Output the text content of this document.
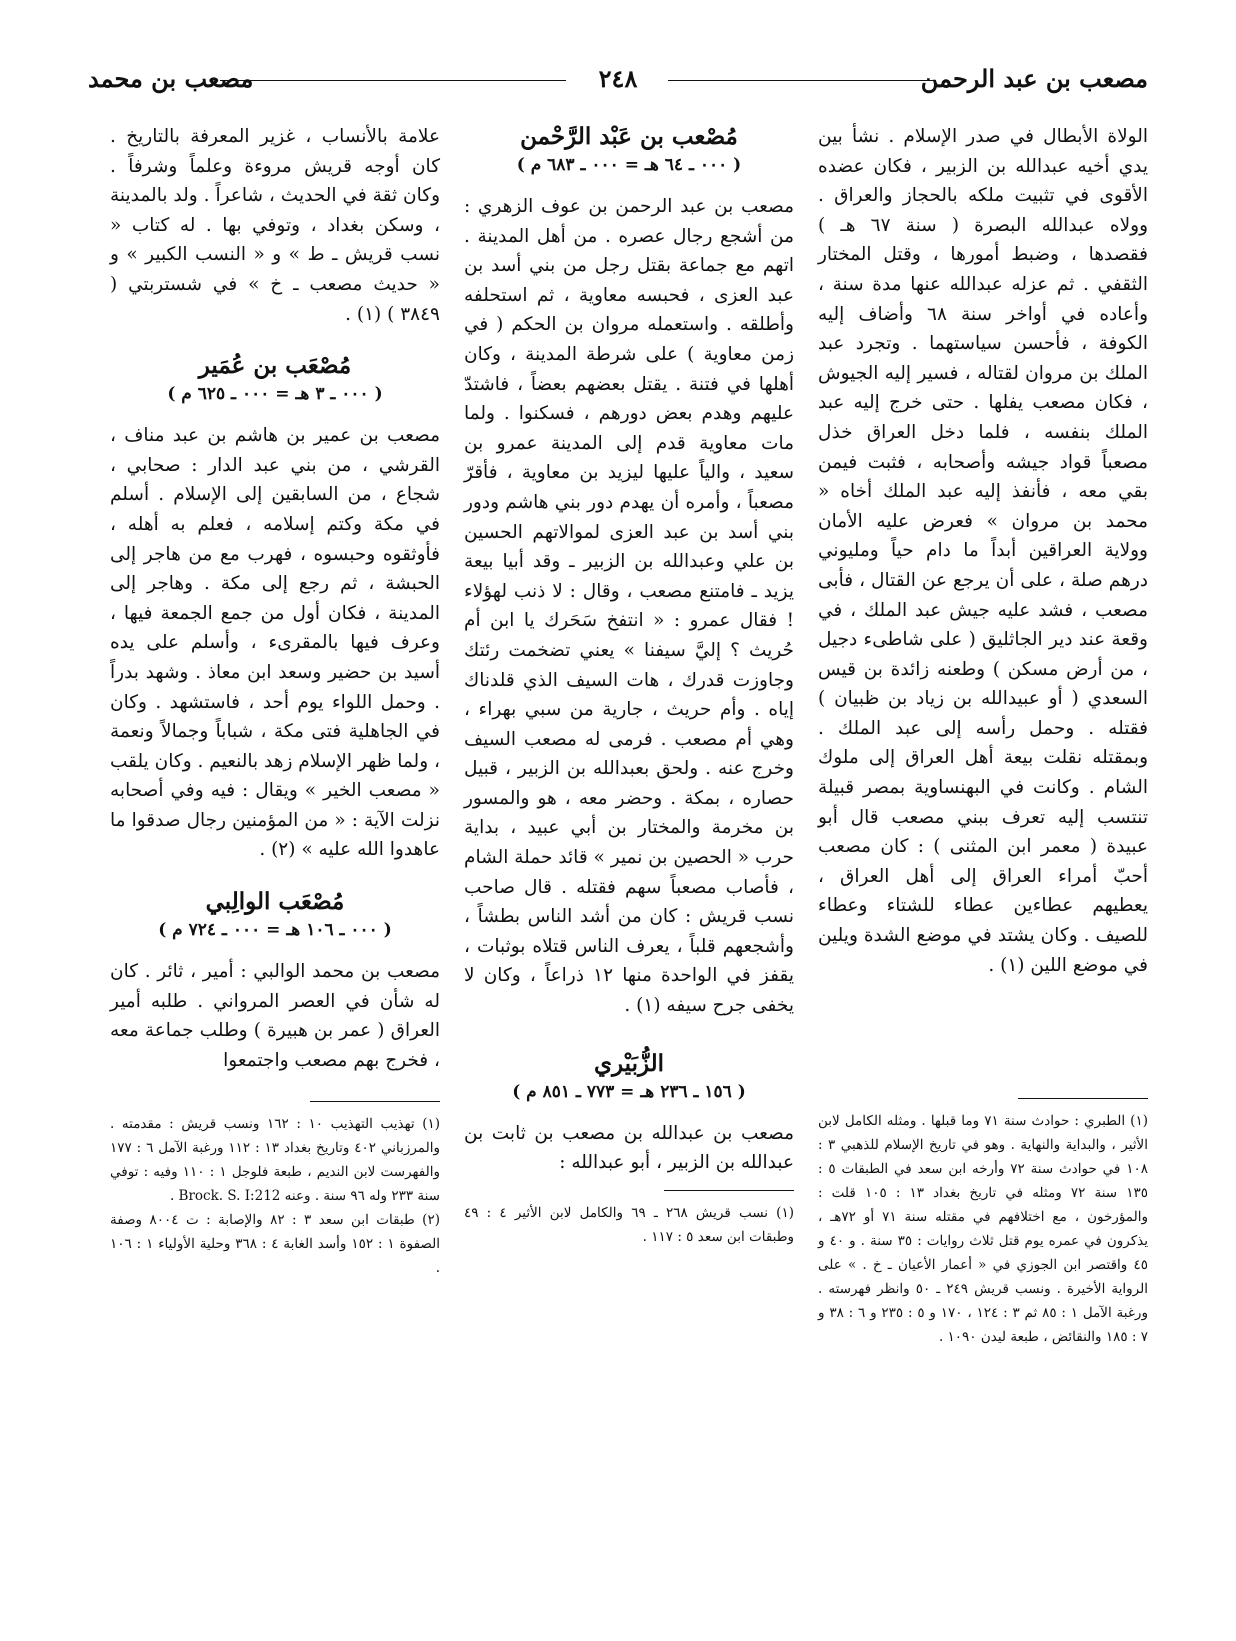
مصعب بن عبد الرحمن
٢٤٨
مصعب بن محمد

الولاة الأبطال في صدر الإسلام . نشأ بين يدي أخيه عبدالله بن الزبير ، فكان عضده الأقوى في تثبيت ملكه بالحجاز والعراق . وولاه عبدالله البصرة ( سنة ٦٧ هـ ) فقصدها ، وضبط أمورها ، وقتل المختار الثقفي . ثم عزله عبدالله عنها مدة سنة ، وأعاده في أواخر سنة ٦٨ وأضاف إليه الكوفة ، فأحسن سياستهما . وتجرد عبد الملك بن مروان لقتاله ، فسير إليه الجيوش ، فكان مصعب يفلها . حتى خرج إليه عبد الملك بنفسه ، فلما دخل العراق خذل مصعباً قواد جيشه وأصحابه ، فثبت فيمن بقي معه ، فأنفذ إليه عبد الملك أخاه « محمد بن مروان » فعرض عليه الأمان وولاية العراقين أبداً ما دام حياً ومليوني درهم صلة ، على أن يرجع عن القتال ، فأبى مصعب ، فشد عليه جيش عبد الملك ، في وقعة عند دير الجاثليق ( على شاطىء دجيل ، من أرض مسكن ) وطعنه زائدة بن قيس السعدي ( أو عبيدالله بن زياد بن ظبيان ) فقتله . وحمل رأسه إلى عبد الملك . وبمقتله نقلت بيعة أهل العراق إلى ملوك الشام . وكانت في البهنساوية بمصر قبيلة تنتسب إليه تعرف ببني مصعب قال أبو عبيدة ( معمر ابن المثنى ) : كان مصعب أحبّ أمراء العراق إلى أهل العراق ، يعطيهم عطاءين عطاء للشتاء وعطاء للصيف . وكان يشتد في موضع الشدة ويلين في موضع اللين (١) .

(١) الطبري : حوادث سنة ٧١ وما قبلها . ومثله الكامل لابن الأثير ، والبداية والنهاية . وهو في تاريخ الإسلام للذهبي ٣ : ١٠٨ في حوادث سنة ٧٢ وأرخه ابن سعد في الطبقات ٥ : ١٣٥ سنة ٧٢ ومثله في تاريخ بغداد ١٣ : ١٠٥ قلت : والمؤرخون ، مع اختلافهم في مقتله سنة ٧١ أو ٧٢هـ ، يذكرون في عمره يوم قتل ثلاث روايات : ٣٥ سنة . و ٤٠ و ٤٥ واقتصر ابن الجوزي في « أعمار الأعيان ـ خ . » على الرواية الأخيرة . ونسب قريش ٢٤٩ ـ ٥٠ وانظر فهرسته . ورغبة الآمل ١ : ٨٥ ثم ٣ : ١٢٤ ، ١٧٠ و ٥ : ٢٣٥ و ٦ : ٣٨ و ٧ : ١٨٥ والنقائض ، طبعة ليدن ١٠٩٠ .

مُصْعب بن عَبْد الرَّحْمن
( ٠٠٠ ـ ٦٤ هـ = ٠٠٠ ـ ٦٨٣ م )

مصعب بن عبد الرحمن بن عوف الزهري : من أشجع رجال عصره . من أهل المدينة . اتهم مع جماعة بقتل رجل من بني أسد بن عبد العزى ، فحبسه معاوية ، ثم استحلفه وأطلقه . واستعمله مروان بن الحكم ( في زمن معاوية ) على شرطة المدينة ، وكان أهلها في فتنة . يقتل بعضهم بعضاً ، فاشتدّ عليهم وهدم بعض دورهم ، فسكنوا . ولما مات معاوية قدم إلى المدينة عمرو بن سعيد ، والياً عليها ليزيد بن معاوية ، فأقرّ مصعباً ، وأمره أن يهدم دور بني هاشم ودور بني أسد بن عبد العزى لموالاتهم الحسين بن علي وعبدالله بن الزبير ـ وقد أبيا بيعة يزيد ـ فامتنع مصعب ، وقال : لا ذنب لهؤلاء ! فقال عمرو : « انتفخ سَحَرك يا ابن أم حُريث ؟ إليَّ سيفنا » يعني تضخمت رئتك وجاوزت قدرك ، هات السيف الذي قلدناك إياه . وأم حريث ، جارية من سبي بهراء ، وهي أم مصعب . فرمى له مصعب السيف وخرج عنه . ولحق بعبدالله بن الزبير ، قبيل حصاره ، بمكة . وحضر معه ، هو والمسور بن مخرمة والمختار بن أبي عبيد ، بداية حرب « الحصين بن نمير » قائد حملة الشام ، فأصاب مصعباً سهم فقتله . قال صاحب نسب قريش : كان من أشد الناس بطشاً ، وأشجعهم قلباً ، يعرف الناس قتلاه بوثبات ، يقفز في الواحدة منها ١٢ ذراعاً ، وكان لا يخفى جرح سيفه (١) .

الزُّبَيْري
( ١٥٦ ـ ٢٣٦ هـ = ٧٧٣ ـ ٨٥١ م )

مصعب بن عبدالله بن مصعب بن ثابت بن عبدالله بن الزبير ، أبو عبدالله :

(١) نسب قريش ٢٦٨ ـ ٦٩ والكامل لابن الأثير ٤ : ٤٩ وطبقات ابن سعد ٥ : ١١٧ .

علامة بالأنساب ، غزير المعرفة بالتاريخ . كان أوجه قريش مروءة وعلماً وشرفاً . وكان ثقة في الحديث ، شاعراً . ولد بالمدينة ، وسكن بغداد ، وتوفي بها . له كتاب « نسب قريش ـ ط » و « النسب الكبير » و « حديث مصعب ـ خ » في شستربتي ( ٣٨٤٩ ) (١) .

مُصْعَب بن عُمَير
( ٠٠٠ ـ ٣ هـ = ٠٠٠ ـ ٦٢٥ م )

مصعب بن عمير بن هاشم بن عبد مناف ، القرشي ، من بني عبد الدار : صحابي ، شجاع ، من السابقين إلى الإسلام . أسلم في مكة وكتم إسلامه ، فعلم به أهله ، فأوثقوه وحبسوه ، فهرب مع من هاجر إلى الحبشة ، ثم رجع إلى مكة . وهاجر إلى المدينة ، فكان أول من جمع الجمعة فيها ، وعرف فيها بالمقرىء ، وأسلم على يده أسيد بن حضير وسعد ابن معاذ . وشهد بدراً . وحمل اللواء يوم أحد ، فاستشهد . وكان في الجاهلية فتى مكة ، شباباً وجمالاً ونعمة ، ولما ظهر الإسلام زهد بالنعيم . وكان يلقب « مصعب الخير » ويقال : فيه وفي أصحابه نزلت الآية : « من المؤمنين رجال صدقوا ما عاهدوا الله عليه » (٢) .

مُصْعَب الوالِبي
( ٠٠٠ ـ ١٠٦ هـ = ٠٠٠ ـ ٧٢٤ م )

مصعب بن محمد الوالبي : أمير ، ثائر . كان له شأن في العصر المرواني . طلبه أمير العراق ( عمر بن هبيرة ) وطلب جماعة معه ، فخرج بهم مصعب واجتمعوا

(١) تهذيب التهذيب ١٠ : ١٦٢ ونسب قريش : مقدمته . والمرزباني ٤٠٢ وتاريخ بغداد ١٣ : ١١٢ ورغبة الآمل ٦ : ١٧٧ والفهرست لابن النديم ، طبعة فلوجل ١ : ١١٠ وفيه : توفي سنة ٢٣٣ وله ٩٦ سنة . وعنه Brock. S. I:212 .

(٢) طبقات ابن سعد ٣ : ٨٢ والإصابة : ت ٨٠٠٤ وصفة الصفوة ١ : ١٥٢ وأسد الغابة ٤ : ٣٦٨ وحلية الأولياء ١ : ١٠٦ .
